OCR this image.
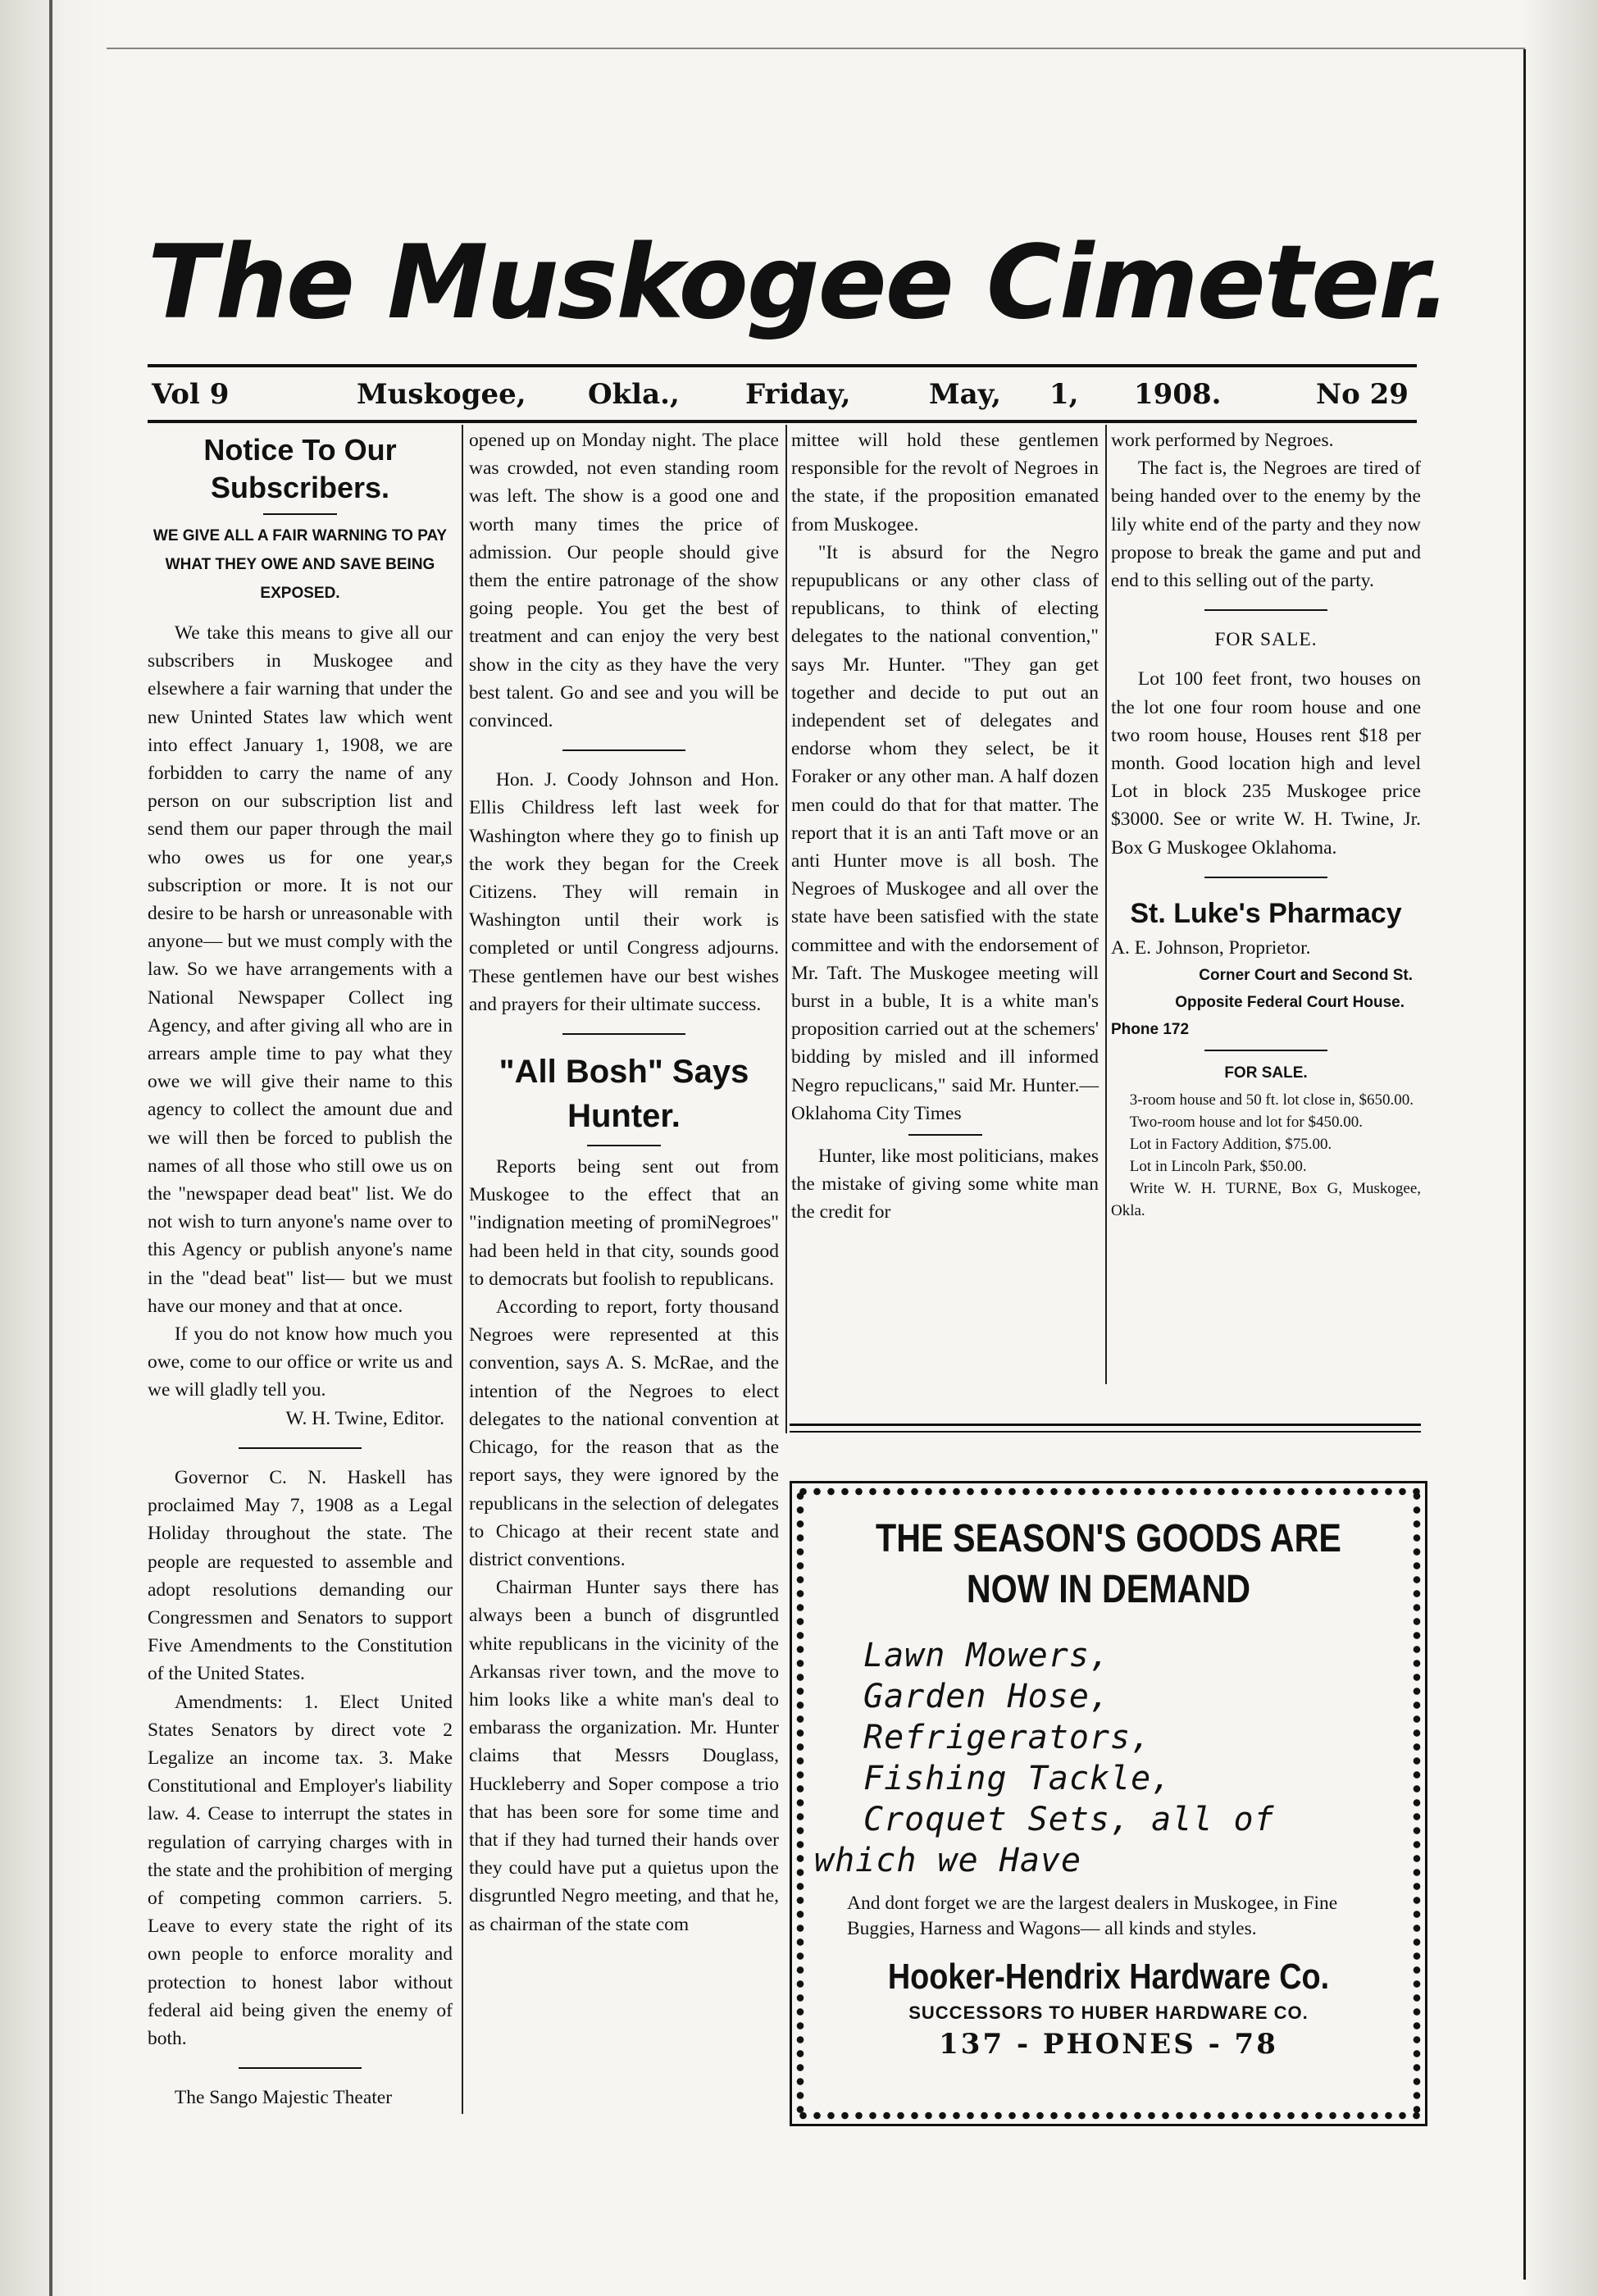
The Muskogee Cimeter.
Vol 9	Muskogee, Okla., Friday,	May, 1, 1908.	No 29
Notice To Our Subscribers.
WE GIVE ALL A FAIR WARNING TO PAY WHAT THEY OWE AND SAVE BEING EXPOSED.

We take this means to give all our subscribers in Muskogee and elsewhere a fair warning that under the new Uninted States law which went into effect January 1, 1908, we are forbidden to carry the name of any person on our subscription list and send them our paper through the mail who owes us for one year,s subscription or more. It is not our desire to be harsh or unreasonable with anyone— but we must comply with the law. So we have arrangements with a National Newspaper Collect ing Agency, and after giving all who are in arrears ample time to pay what they owe we will give their name to this agency to collect the amount due and we will then be forced to publish the names of all those who still owe us on the "newspaper dead beat" list. We do not wish to turn anyone's name over to this Agency or publish anyone's name in the "dead beat" list— but we must have our money and that at once.

If you do not know how much you owe, come to our office or write us and we will gladly tell you.

W. H. Twine, Editor.

Governor C. N. Haskell has proclaimed May 7, 1908 as a Legal Holiday throughout the state. The people are requested to assemble and adopt resolutions demanding our Congressmen and Senators to support Five Amendments to the Constitution of the United States.

Amendments: 1. Elect United States Senators by direct vote 2 Legalize an income tax. 3. Make Constitutional and Employer's liability law. 4. Cease to interrupt the states in regulation of carrying charges with in the state and the prohibition of merging of competing common carriers. 5. Leave to every state the right of its own people to enforce morality and protection to honest labor without federal aid being given the enemy of both.

The Sango Majestic Theater

opened up on Monday night. The place was crowded, not even standing room was left. The show is a good one and worth many times the price of admission. Our people should give them the entire patronage of the show going people. You get the best of treatment and can enjoy the very best show in the city as they have the very best talent. Go and see and you will be convinced.

Hon. J. Coody Johnson and Hon. Ellis Childress left last week for Washington where they go to finish up the work they began for the Creek Citizens. They will remain in Washington until their work is completed or until Congress adjourns. These gentlemen have our best wishes and prayers for their ultimate success.

"All Bosh" Says Hunter.

Reports being sent out from Muskogee to the effect that an "indignation meeting of promiNegroes" had been held in that city, sounds good to democrats but foolish to republicans.

According to report, forty thousand Negroes were represented at this convention, says A. S. McRae, and the intention of the Negroes to elect delegates to the national convention at Chicago, for the reason that as the report says, they were ignored by the republicans in the selection of delegates to Chicago at their recent state and district conventions.

Chairman Hunter says there has always been a bunch of disgruntled white republicans in the vicinity of the Arkansas river town, and the move to him looks like a white man's deal to embarass the organization. Mr. Hunter claims that Messrs Douglass, Huckleberry and Soper compose a trio that has been sore for some time and that if they had turned their hands over they could have put a quietus upon the disgruntled Negro meeting, and that he, as chairman of the state com

mittee will hold these gentlemen responsible for the revolt of Negroes in the state, if the proposition emanated from Muskogee.

"It is absurd for the Negro repupublicans or any other class of republicans, to think of electing delegates to the national convention," says Mr. Hunter. "They gan get together and decide to put out an independent set of delegates and endorse whom they select, be it Foraker or any other man. A half dozen men could do that for that matter. The report that it is an anti Taft move or an anti Hunter move is all bosh. The Negroes of Muskogee and all over the state have been satisfied with the state committee and with the endorsement of Mr. Taft. The Muskogee meeting will burst in a buble, It is a white man's proposition carried out at the schemers' bidding by misled and ill informed Negro repuclicans," said Mr. Hunter.—Oklahoma City Times

Hunter, like most politicians, makes the mistake of giving some white man the credit for

work performed by Negroes.

The fact is, the Negroes are tired of being handed over to the enemy by the lily white end of the party and they now propose to break the game and put and end to this selling out of the party.

FOR SALE.

Lot 100 feet front, two houses on the lot one four room house and one two room house, Houses rent $18 per month. Good location high and level Lot in block 235 Muskogee price $3000. See or write W. H. Twine, Jr. Box G Muskogee Oklahoma.

St. Luke's Pharmacy

A. E. Johnson, Proprietor.

Corner Court and Second St.
Opposite Federal Court House.
Phone 172
FOR SALE.

3-room house and 50 ft. lot close in, $650.00.

Two-room house and lot for $450.00.

Lot in Factory Addition, $75.00.

Lot in Lincoln Park, $50.00.

Write W. H. TURNE, Box G, Muskogee, Okla.

THE SEASON'S GOODS ARE
NOW IN DEMAND
Lawn Mowers,
Garden Hose,
Refrigerators,
Fishing Tackle,
Croquet Sets, all of
which we Have
And dont forget we are the largest dealers in Muskogee, in Fine Buggies, Harness and Wagons— all kinds and styles.
Hooker-Hendrix Hardware Co.
SUCCESSORS TO HUBER HARDWARE CO.
137 - PHONES - 78
